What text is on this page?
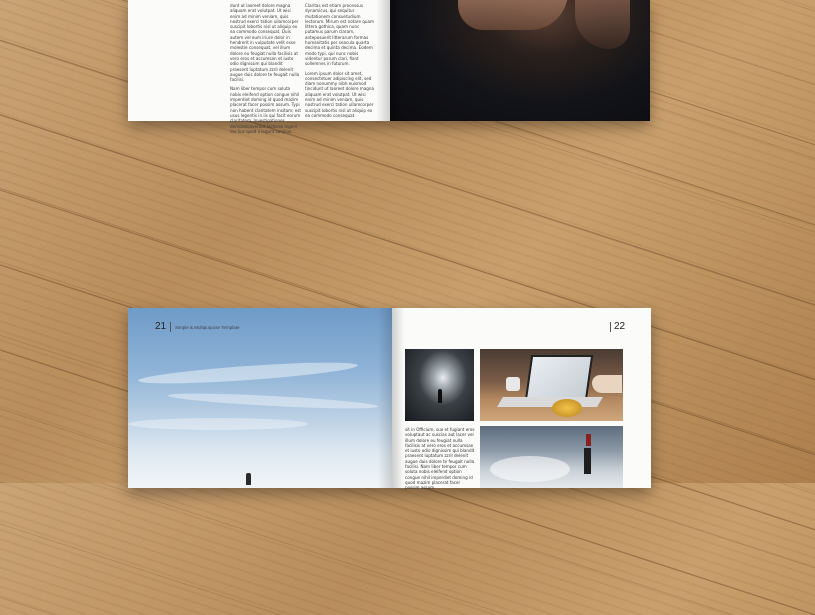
dunt ut laoreet dolore magna aliquam erat volutpat. Ut wisi enim ad minim veniam, quis nostrud exerci tation ullamcorper suscipit lobortis nisl ut aliquip ex ea commodo consequat. Duis autem vel eum iriure dolor in hendrerit in vulputate velit esse molestie consequat, vel illum dolore eu feugiat nulla facilisis at vero eros et accumsan et iusto odio dignissim qui blandit praesent luptatum zzril delenit augue duis dolore te feugait nulla facilisi.

Nam liber tempor cum soluta nobis eleifend option congue nihil imperdiet doming id quod mazim placerat facer possim assum. Typi non habent claritatem insitam; est usus legentis in iis qui facit eorum claritatem. Investigationes demonstraverunt lectores legere me lius quod ii legunt saepius.

Claritas est etiam processus dynamicus, qui sequitur mutationem consuetudium lectorum. Mirum est notare quam littera gothica, quam nunc putamus parum claram, anteposuerit litterarum formas humanitatis per seacula quarta decima et quinta decima. Eodem modo typi, qui nunc nobis videntur parum clari, fiant sollemnes in futurum.

Lorem ipsum dolor sit amet, consectetuer adipiscing elit, sed diam nonummy nibh euismod tincidunt ut laoreet dolore magna aliquam erat volutpat. Ut wisi enim ad minim veniam, quis nostrud exerci tation ullamcorper suscipit lobortis nisl ut aliquip ex ea commodo consequat.

21 Simple & Multipurpose Template	22

sit in Officium, suo et fugiant eros voluptaut ac suscias aut lacer vel illum dolore eu feugiat nulla facilisis at vero eros et accumsan et iusto odio dignissim qui blandit praesent luptatum zzril delenit augue duis dolore te feugait nulla facilisi. Nam liber tempor cum soluta nobis eleifend option congue nihil imperdiet doming id quod mazim placerat facer possim assum.
